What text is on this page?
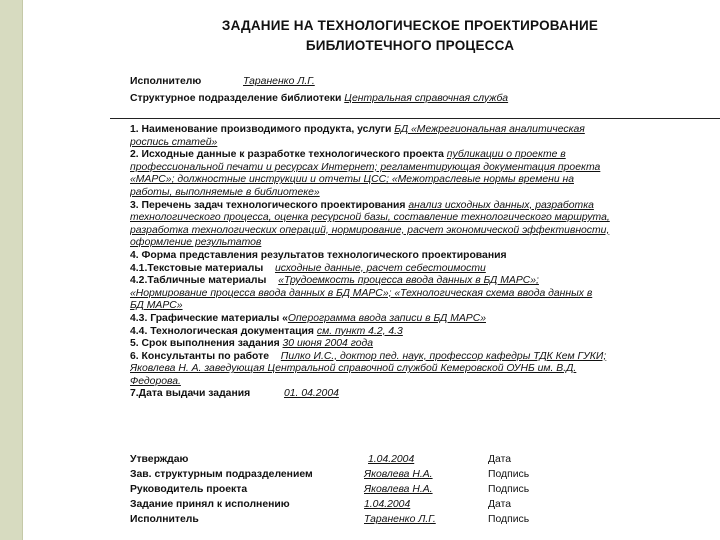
ЗАДАНИЕ НА ТЕХНОЛОГИЧЕСКОЕ ПРОЕКТИРОВАНИЕ
БИБЛИОТЕЧНОГО ПРОЦЕССА
Исполнителю	Тараненко Л.Г.
Структурное подразделение библиотеки Центральная справочная служба
1. Наименование производимого продукта, услуги БД «Межрегиональная аналитическая
роспись статей»
2. Исходные данные к разработке технологического проекта публикации о проекте в
профессиональной печати и ресурсах Интернет; регламентирующая документация проекта
«МАРС»; должностные инструкции и отчеты ЦСС; «Межотраслевые нормы времени на
работы, выполняемые в библиотеке»
3. Перечень задач технологического проектирования анализ исходных данных, разработка
технологического процесса, оценка ресурсной базы, составление технологического маршрута,
разработка технологических операций, нормирование, расчет экономической эффективности,
оформление результатов
4. Форма представления результатов технологического проектирования
4.1.Текстовые материалы исходные данные, расчет себестоимости
4.2.Табличные материалы «Трудоемкость процесса ввода данных в БД МАРС»;
«Нормирование процесса ввода данных в БД МАРС»; «Технологическая схема ввода данных в
БД МАРС»
4.3. Графические материалы «Оперограмма ввода записи в БД МАРС»
4.4. Технологическая документация см. пункт 4.2, 4.3
5. Срок выполнения задания 30 июня 2004 года
6. Консультанты по работе Пилко И.С., доктор пед. наук, профессор кафедры ТДК Кем ГУКИ;
Яковлева Н. А. заведующая Центральной справочной службой Кемеровской ОУНБ им. В.Д.
Федорова.
7.Дата выдачи задания	01. 04.2004
Утверждаю
Зав. структурным подразделением
Руководитель проекта
Задание принял к исполнению
Исполнитель
1.04.2004
Яковлева Н.А.
Яковлева Н.А.
1.04.2004
Тараненко Л.Г.
Дата
Подпись
Подпись
Дата
Подпись
